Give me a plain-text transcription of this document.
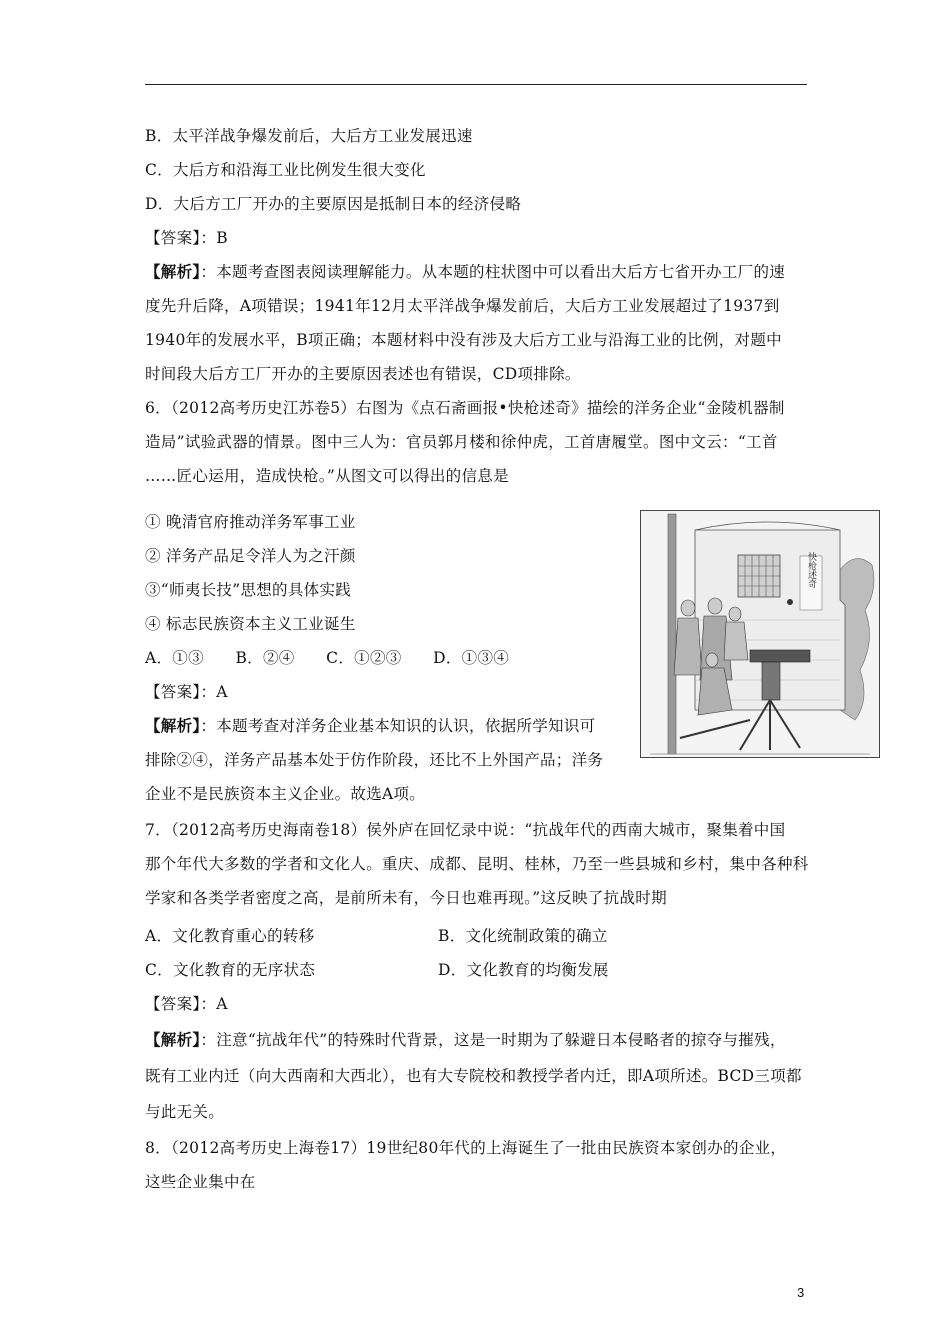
B．太平洋战争爆发前后，大后方工业发展迅速
C．大后方和沿海工业比例发生很大变化
D．大后方工厂开办的主要原因是抵制日本的经济侵略
【答案】：B
【解析】：本题考查图表阅读理解能力。从本题的柱状图中可以看出大后方七省开办工厂的速
度先升后降，A项错误；1941年12月太平洋战争爆发前后，大后方工业发展超过了1937到
1940年的发展水平，B项正确；本题材料中没有涉及大后方工业与沿海工业的比例，对题中
时间段大后方工厂开办的主要原因表述也有错误，CD项排除。
6．（2012高考历史江苏卷5）右图为《点石斋画报•快枪述奇》描绘的洋务企业“金陵机器制
造局”试验武器的情景。图中三人为：官员郭月楼和徐仲虎，工首唐履堂。图中文云：“工首
……匠心运用，造成快枪。”从图文可以得出的信息是
① 晚清官府推动洋务军事工业
② 洋务产品足令洋人为之汗颜
③“师夷长技”思想的具体实践
④ 标志民族资本主义工业诞生
A．①③　　B．②④　　C．①②③　　D．①③④
【答案】：A
【解析】：本题考查对洋务企业基本知识的认识，依据所学知识可
排除②④，洋务产品基本处于仿作阶段，还比不上外国产品；洋务
企业不是民族资本主义企业。故选A项。
快枪述奇
7．（2012高考历史海南卷18）侯外庐在回忆录中说：“抗战年代的西南大城市，聚集着中国
那个年代大多数的学者和文化人。重庆、成都、昆明、桂林，乃至一些县城和乡村，集中各种科
学家和各类学者密度之高，是前所未有，今日也难再现。”这反映了抗战时期
A．文化教育重心的转移	B．文化统制政策的确立
C．文化教育的无序状态	D．文化教育的均衡发展
【答案】：A
【解析】：注意“抗战年代”的特殊时代背景，这是一时期为了躲避日本侵略者的掠夺与摧残，
既有工业内迁（向大西南和大西北），也有大专院校和教授学者内迁，即A项所述。BCD三项都
与此无关。
8．（2012高考历史上海卷17）19世纪80年代的上海诞生了一批由民族资本家创办的企业，
这些企业集中在
3
